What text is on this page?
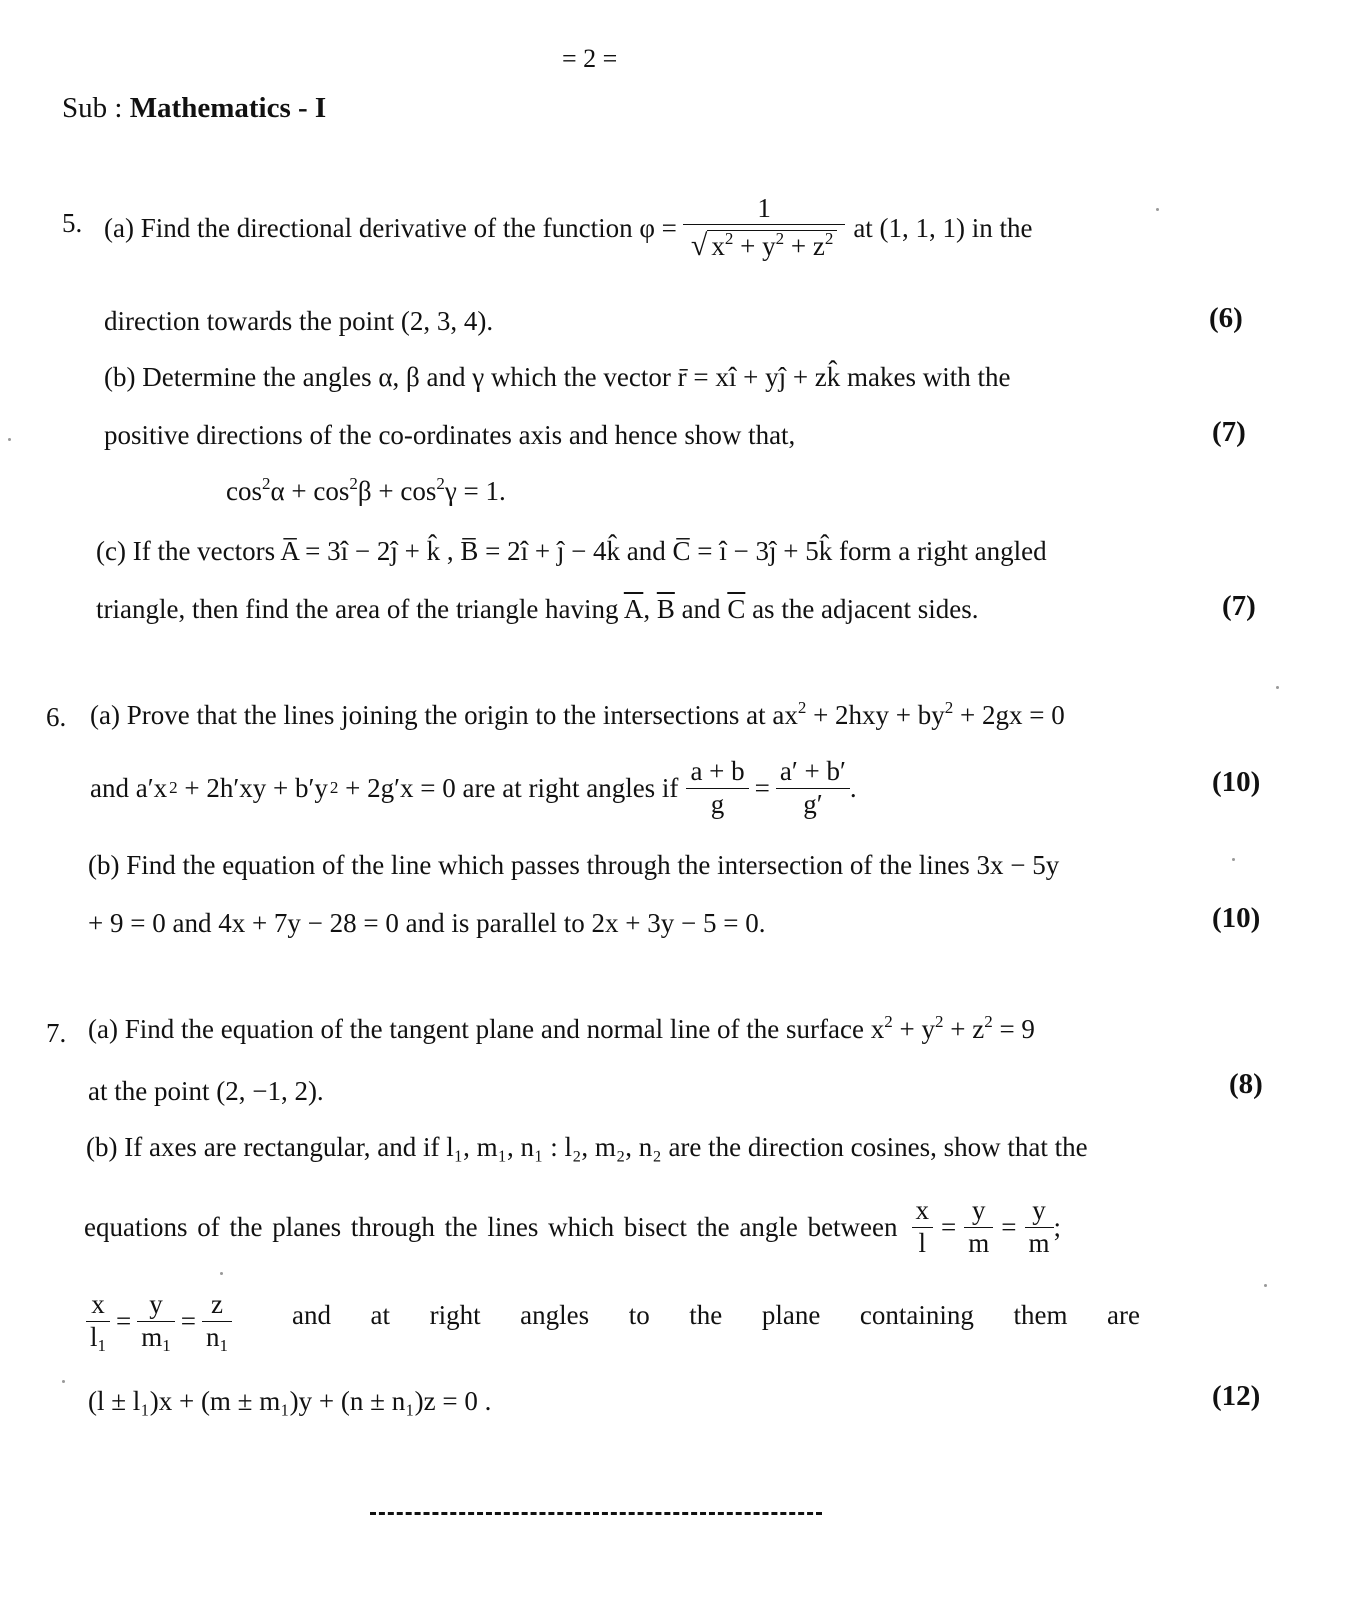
= 2 =
Sub : Mathematics - I
5. (a) Find the directional derivative of the function $\varphi = \frac{1}{√ x^2 + y^2 + z^2}$ at (1, 1, 1) in the
direction towards the point (2, 3, 4).	(6)
(b) Determine the angles α, β and γ which the vector r̄ = xî + yĵ + zk̂ makes with the
positive directions of the co-ordinates axis and hence show that,	(7)
$\cos^2\alpha + \cos^2\beta + \cos^2\gamma = 1$.
(c) If the vectors A̅ = 3î − 2ĵ + k̂ , B̅ = 2î + ĵ − 4k̂ and C̅ = î − 3ĵ + 5k̂ form a right angled
triangle, then find the area of the triangle having $\overline{A}$, $\overline{B}$ and $\overline{C}$ as the adjacent sides.	(7)
6. (a) Prove that the lines joining the origin to the intersections at $ax^2 + 2hxy + by^2 + 2gx = 0$
and a′x 2
+ 2h′xy + b′y 2
+ 2g′x = 0 are at right angles if $\frac{a + b}{g} = \frac{a' + b'}{g'}$ .	(10)
(b) Find the equation of the line which passes through the intersection of the lines 3x − 5y
+ 9 = 0 and 4x + 7y − 28 = 0 and is parallel to 2x + 3y − 5 = 0.	(10)
7. (a) Find the equation of the tangent plane and normal line of the surface $x^2 + y^2 + z^2 = 9$
at the point (2, −1, 2).	(8)
(b) If axes are rectangular, and if l₁, m₁, n₁ : l₂, m₂, n₂ are the direction cosines, show that the
equations of the planes through the lines which bisect the angle between $\frac{x}{l} = \frac{y}{m} = \frac{y}{m}$ ;
$\frac{x}{l_1} = \frac{y}{m_1} = \frac{z}{n_1}$ and at right angles to the plane containing them are
(l ± l₁)x + (m ± m₁)y + (n ± n₁)z = 0 .	(12)
